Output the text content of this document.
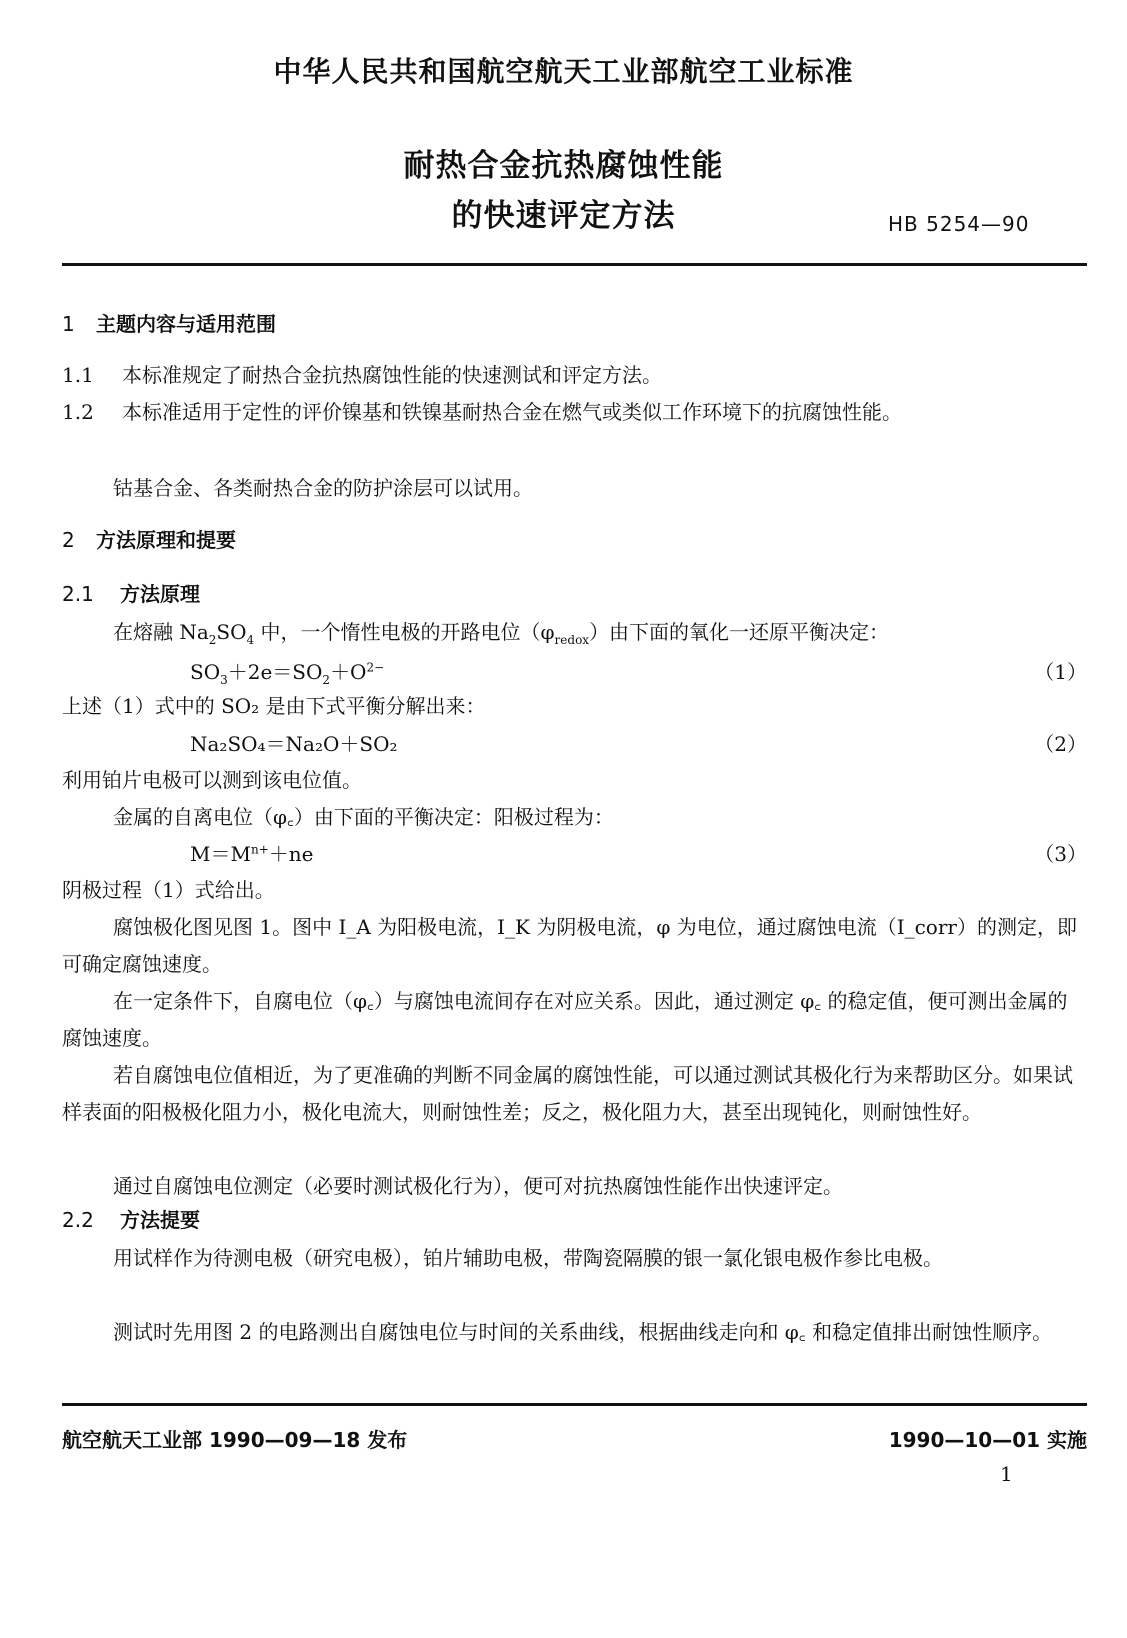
中华人民共和国航空航天工业部航空工业标准
耐热合金抗热腐蚀性能
的快速评定方法	HB 5254—90
1 主题内容与适用范围
1.1 本标准规定了耐热合金抗热腐蚀性能的快速测试和评定方法。
1.2 本标准适用于定性的评价镍基和铁镍基耐热合金在燃气或类似工作环境下的抗腐蚀性能。
钴基合金、各类耐热合金的防护涂层可以试用。
2 方法原理和提要
2.1 方法原理
在熔融 $Na_2SO_4$ 中，一个惰性电极的开路电位$(\varphi_{redox})$由下面的氧化一还原平衡决定：
$SO_3+2e=SO_2+O^{2-}$	（1）
上述（1）式中的 SO₂ 是由下式平衡分解出来：
Na₂SO₄＝Na₂O＋SO₂	（2）
利用铂片电极可以测到该电位值。
金属的自离电位（φ꜀）由下面的平衡决定：阳极过程为：
$M=M^{n+}+ne$	（3）
阴极过程（1）式给出。
腐蚀极化图见图 1。图中 I_A 为阳极电流，I_K 为阴极电流，φ 为电位，通过腐蚀电流（I_corr）的测定，即可确定腐蚀速度。
在一定条件下，自腐电位（φ꜀）与腐蚀电流间存在对应关系。因此，通过测定 φ꜀ 的稳定值，便可测出金属的腐蚀速度。
若自腐蚀电位值相近，为了更准确的判断不同金属的腐蚀性能，可以通过测试其极化行为来帮助区分。如果试样表面的阳极极化阻力小，极化电流大，则耐蚀性差；反之，极化阻力大，甚至出现钝化，则耐蚀性好。
通过自腐蚀电位测定（必要时测试极化行为），便可对抗热腐蚀性能作出快速评定。
2.2 方法提要
用试样作为待测电极（研究电极），铂片辅助电极，带陶瓷隔膜的银一氯化银电极作参比电极。
测试时先用图 2 的电路测出自腐蚀电位与时间的关系曲线，根据曲线走向和 φ꜀ 和稳定值排出耐蚀性顺序。
航空航天工业部 1990—09—18 发布	1990—10—01 实施
1
